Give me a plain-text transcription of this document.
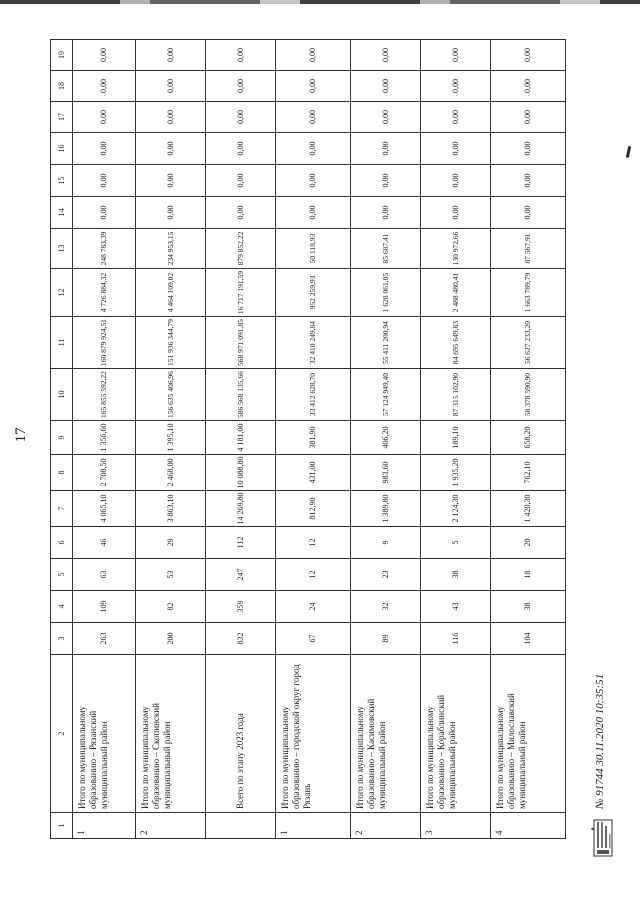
17
1	2	3	4	5	6	7	8	9	10	11	12	13	14	15	16	17	18	19
1	Итого по муниципальному образованию – Рязанский муниципальный район	263	109	63	46	4 065,10	2 708,50	1 356,60	165 855 592,22	160 879 924,51	4 726 884,32	248 783,39	0,00	0,00	0,00	0,00	0,00	0,00
2	Итого по муниципальному образованию – Скопинский муниципальный район	200	82	53	29	3 863,10	2 468,00	1 395,10	156 635 406,96	151 936 344,79	4 464 109,02	234 953,15	0,00	0,00	0,00	0,00	0,00	0,00

	Всего по этапу 2023 года	832	359	247	112	14 269,80	10 088,80	4 181,00	586 568 135,66	568 971 091,85	16 717 191,59	879 852,22	0,00	0,00	0,00	0,00	0,00	0,00
1	Итого по муниципальному образованию – городской округ город Рязань	67	24	12	12	812,90	431,00	381,90	33 412 628,70	32 410 249,84	952 259,93	50 118,93	0,00	0,00	0,00	0,00	0,00	0,00
2	Итого по муниципальному образованию – Касимовский муниципальный район	89	32	23	9	1 389,80	983,60	406,20	57 124 949,40	55 411 200,94	1 628 061,05	85 687,41	0,00	0,00	0,00	0,00	0,00	0,00
3	Итого по муниципальному образованию – Кораблинский муниципальный район	116	43	38	5	2 124,30	1 935,20	189,10	87 315 102,90	84 695 649,83	2 488 480,41	130 972,66	0,00	0,00	0,00	0,00	0,00	0,00
4	Итого по муниципальному образованию – Милославский муниципальный район	104	38	18	20	1 420,30	762,10	658,20	58 378 590,90	56 627 233,20	1 663 789,79	87 567,91	0,00	0,00	0,00	0,00	0,00	0,00
№ 91744 30.11.2020 10:35:51
